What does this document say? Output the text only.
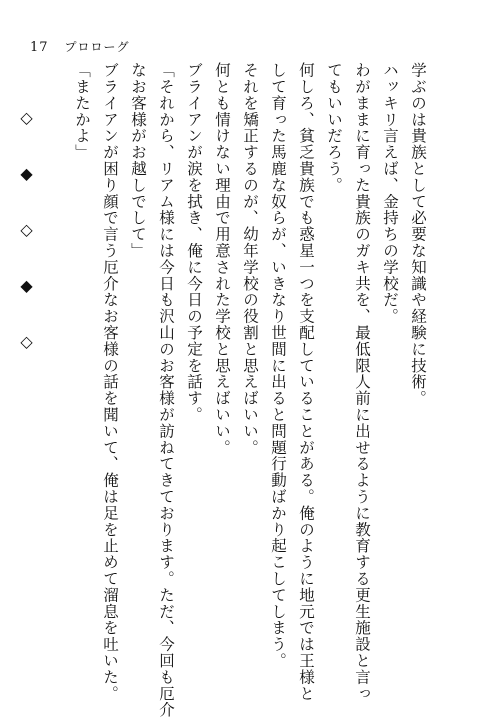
17 プロローグ
学ぶのは貴族として必要な知識や経験に技術。
ハッキリ言えば、金持ちの学校だ。
わがままに育った貴族のガキ共を、最低限人前に出せるように教育する更生施設と言っ
てもいいだろう。
何しろ、貧乏貴族でも惑星一つを支配していることがある。俺のように地元では王様と
して育った馬鹿な奴らが、いきなり世間に出ると問題行動ばかり起こしてしまう。
それを矯正するのが、幼年学校の役割と思えばいい。
何とも情けない理由で用意された学校と思えばいい。
ブライアンが涙を拭き、俺に今日の予定を話す。
「それから、リアム様には今日も沢山のお客様が訪ねてきております。ただ、今回も厄介
なお客様がお越しでして」
ブライアンが困り顔で言う厄介なお客様の話を聞いて、俺は足を止めて溜息を吐いた。
「またかよ」

◇ ◆ ◇ ◆ ◇
